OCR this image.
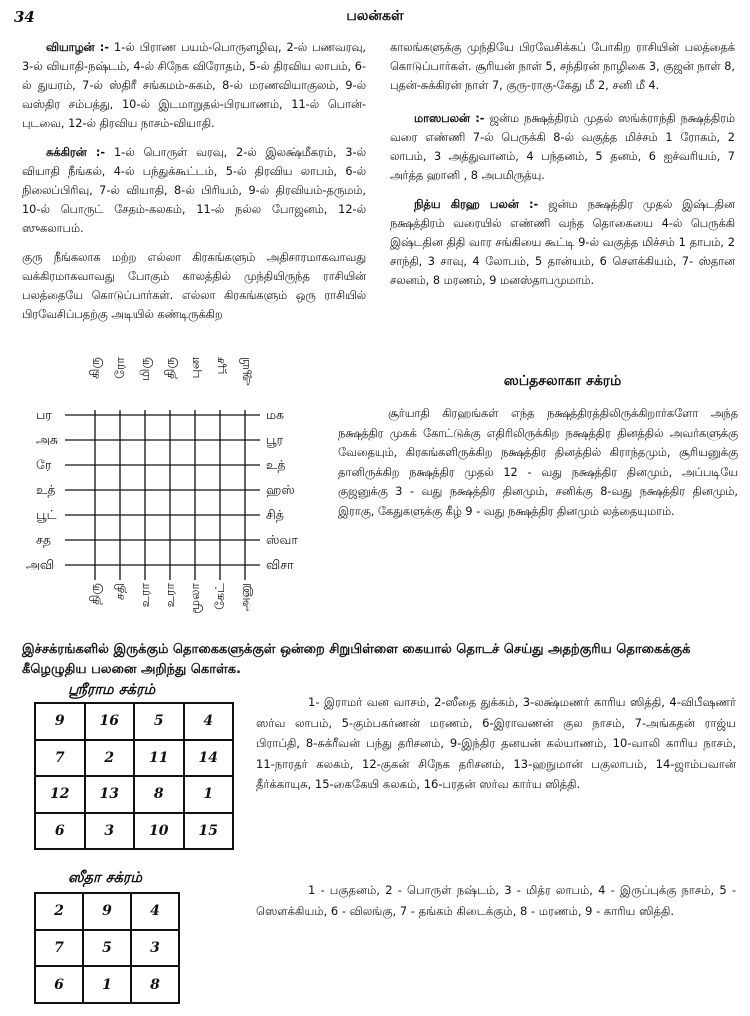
34	பலன்கள்

வியாழன் :- 1-ல் பிராண பயம்-பொருளழிவு, 2-ல் பணவரவு, 3-ல் வியாதி-நஷ்டம், 4-ல் சிநேக விரோதம், 5-ல் திரவிய லாபம், 6-ல் துயரம், 7-ல் ஸ்திரீ சங்கமம்-சுகம், 8-ல் மரணவியாகுலம், 9-ல் வஸ்திர சம்பத்து, 10-ல் இடமாறுதல்-பிரயாணம், 11-ல் பொன்-புடவை, 12-ல் திரவிய நாசம்-வியாதி.

சுக்கிரன் :- 1-ல் பொருள் வரவு, 2-ல் இலக்ஷ்மீகரம், 3-ல் வியாதி நீங்கல், 4-ல் பந்துக்கூட்டம், 5-ல் திரவிய லாபம், 6-ல் நிலைப்பிரிவு, 7-ல் வியாதி, 8-ல் பிரியம், 9-ல் திரவியம்-தருமம், 10-ல் பொருட் சேதம்-கலகம், 11-ல் நல்ல போஜனம், 12-ல் ஸுகலாபம்.

குரு நீங்கலாக மற்ற எல்லா கிரகங்களும் அதிசாரமாகவாவது வக்கிரமாகவாவது போகும் காலத்தில் முந்தியிருந்த ராசியின் பலத்தையே கொடுப்பார்கள். எல்லா கிரகங்களும் ஒரு ராசியில் பிரவேசிப்பதற்கு அடியில் கண்டிருக்கிற

காலங்களுக்கு முந்தியே பிரவேசிக்கப் போகிற ராசியின் பலத்தைக் கொடுப்பார்கள். சூரியன் நாள் 5, சந்திரன் நாழிகை 3, குஜன் நாள் 8, புதன்-சுக்கிரன் நாள் 7, குரு-ராகு-கேது மீ 2, சனி மீ 4.

மாஸபலன் :- ஜன்ம நக்ஷத்திரம் முதல் ஸங்க்ராந்தி நக்ஷத்திரம் வரை எண்ணி 7-ல் பெருக்கி 8-ல் வகுத்த மிச்சம் 1 ரோகம், 2 லாபம், 3 அத்துவானம், 4 பந்தனம், 5 தனம், 6 ஐச்வரியம், 7 அர்த்த ஹானி , 8 அபமிருத்யு.

நித்ய கிரஹ பலன் :- ஜன்ம நக்ஷத்திர முதல் இஷ்டதின நக்ஷத்திரம் வரையில் எண்ணி வந்த தொகையை 4-ல் பெருக்கி இஷ்டதின திதி வார சங்கியை கூட்டி 9-ல் வகுத்த மிச்சம் 1 தாபம், 2 சாந்தி, 3 சாவு, 4 லோபம், 5 தான்யம், 6 சௌக்கியம், 7- ஸ்தான சலனம், 8 மரணம், 9 மனஸ்தாபமுமாம்.

கிரு ரோ மிரு திரு புன பூச ஆயி
திரு சதி உரா உரா மூலா கேட் அனு
பர
அசு
ரே
உத்
பூட்
சத
அவி
மக
பூர
உத்
ஹஸ்
சித்
ஸ்வா
விசா
ஸப்தசலாகா சக்ரம்

சூர்யாதி கிரஹங்கள் எந்த நக்ஷத்திரத்திலிருக்கிறார்களோ அந்த நக்ஷத்திர முகக் கோட்டுக்கு எதிரிலிருக்கிற நக்ஷத்திர தினத்தில் அவர்களுக்கு வேதையும், கிரகங்களிருக்கிற நக்ஷத்திர தினத்தில் கிராந்தமும், சூரியனுக்கு தானிருக்கிற நக்ஷத்திர முதல் 12 - வது நக்ஷத்திர தினமும், அப்படியே குஜனுக்கு 3 - வது நக்ஷத்திர தினமும், சனிக்கு 8-வது நக்ஷத்திர தினமும், இராகு, கேதுகளுக்கு கீழ் 9 - வது நக்ஷத்திர தினமும் லத்தையுமாம்.

இச்சக்ரங்களில் இருக்கும் தொகைகளுக்குள் ஒன்றை சிறுபிள்ளை கையால் தொடச் செய்து அதற்குரிய தொகைக்குக் கீழெழுதிய பலனை அறிந்து கொள்க.
ஸ்ரீராம சக்ரம்
9	16	5	4
7	2	11	14
12	13	8	1
6	3	10	15

1- இராமர் வன வாசம், 2-ஸீதை துக்கம், 3-லக்ஷ்மணர் காரிய ஸித்தி, 4-விபீஷணர் ஸர்வ லாபம், 5-கும்பகர்ணன் மரணம், 6-இராவணன் குல நாசம், 7-அங்கதன் ராஜ்ய பிராப்தி, 8-சுக்ரீவன் பந்து தரிசனம், 9-இந்திர தனயன் கல்யாணம், 10-வாலி காரிய நாசம், 11-நாரதர் கலகம், 12-குகன் சிநேக தரிசனம், 13-ஹநுமான் பகுலாபம், 14-ஜாம்பவான் தீர்க்காயுசு, 15-கைகேயி கலகம், 16-பரதன் ஸர்வ கார்ய ஸித்தி.

ஸீதா சக்ரம்
2	9	4
7	5	3
6	1	8

1 - பகுதனம், 2 - பொருள் நஷ்டம், 3 - மித்ர லாபம், 4 - இருப்புக்கு நாசம், 5 - ஸௌக்கியம், 6 - விலங்கு, 7 - தங்கம் கிடைக்கும், 8 - மரணம், 9 - காரிய ஸித்தி.
